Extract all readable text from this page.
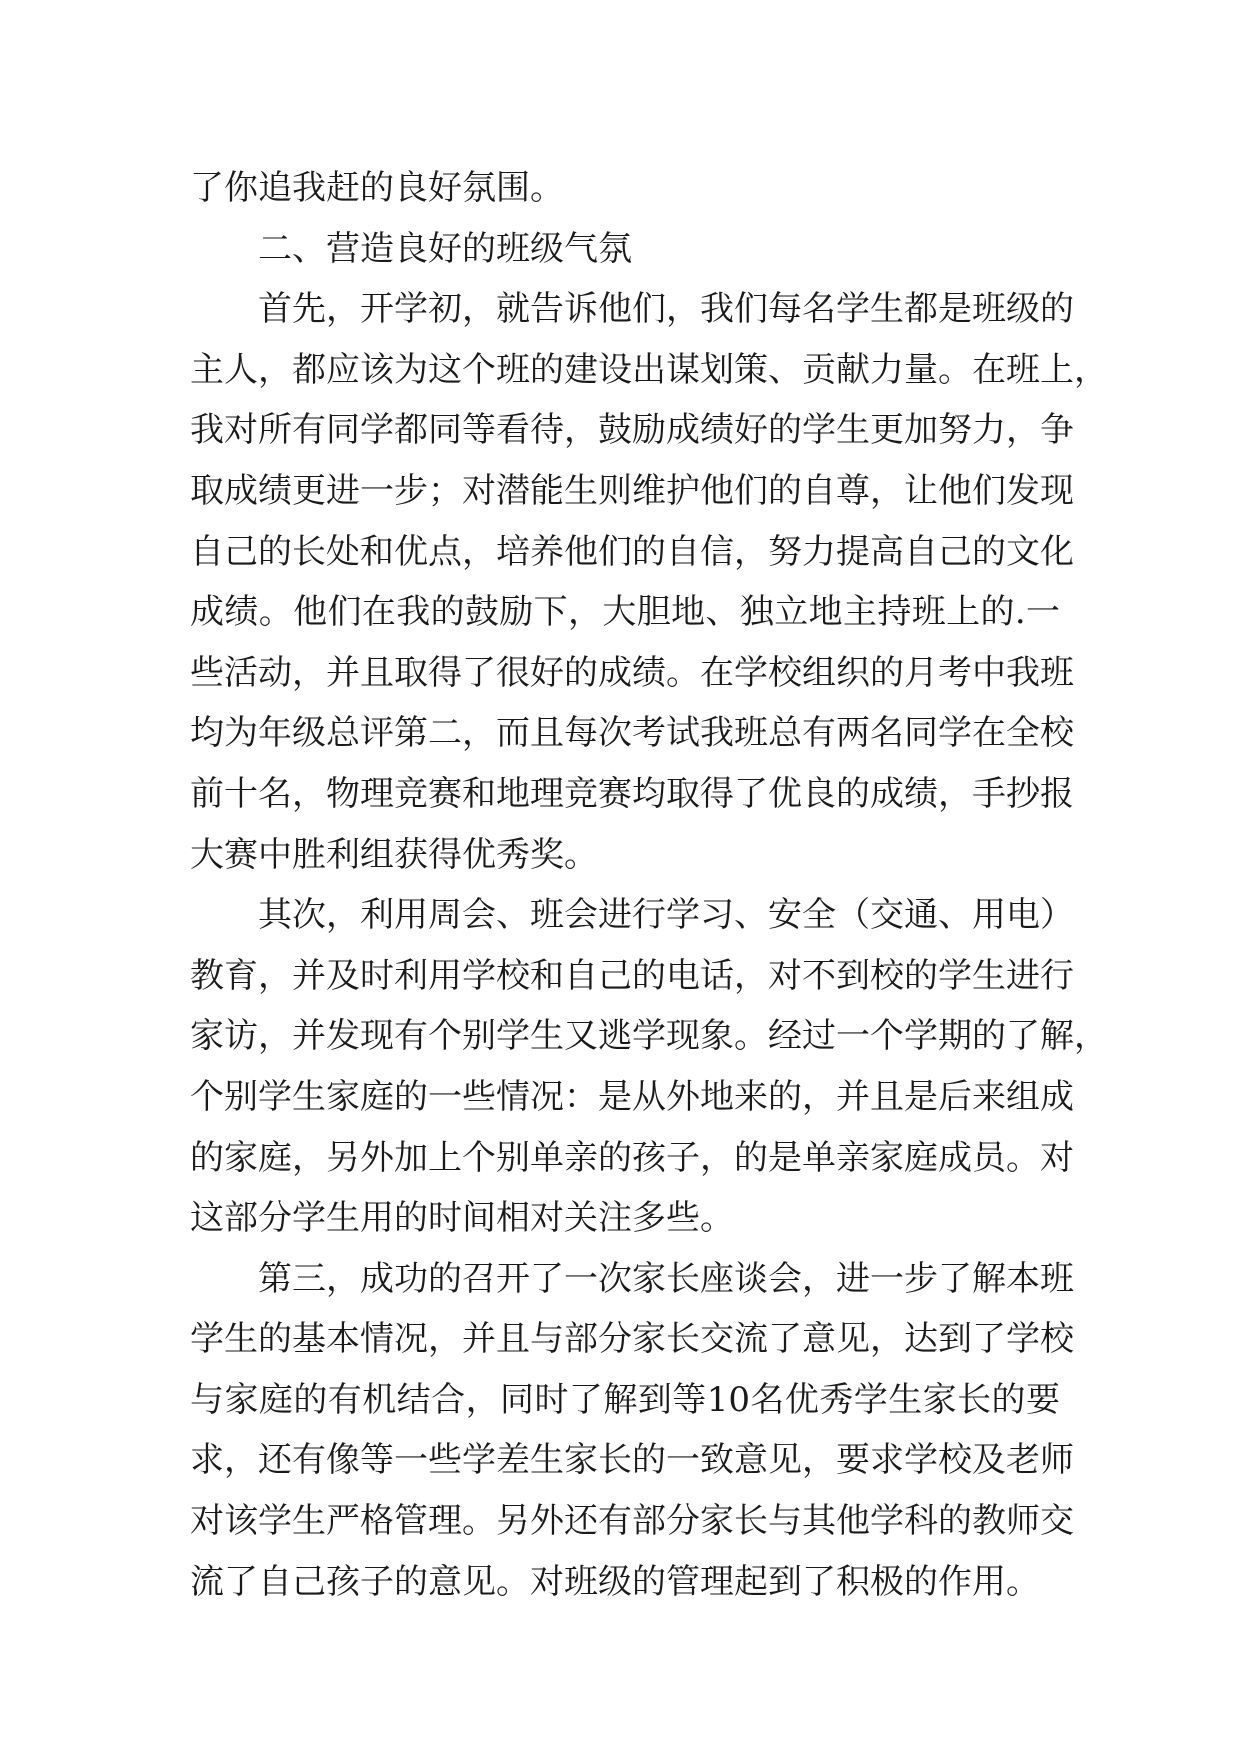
了你追我赶的良好氛围。
二、营造良好的班级气氛
首先，开学初，就告诉他们，我们每名学生都是班级的
主人，都应该为这个班的建设出谋划策、贡献力量。在班上，
我对所有同学都同等看待，鼓励成绩好的学生更加努力，争
取成绩更进一步；对潜能生则维护他们的自尊，让他们发现
自己的长处和优点，培养他们的自信，努力提高自己的文化
成绩。他们在我的鼓励下，大胆地、独立地主持班上的.一
些活动，并且取得了很好的成绩。在学校组织的月考中我班
均为年级总评第二，而且每次考试我班总有两名同学在全校
前十名，物理竞赛和地理竞赛均取得了优良的成绩，手抄报
大赛中胜利组获得优秀奖。
其次，利用周会、班会进行学习、安全（交通、用电）
教育，并及时利用学校和自己的电话，对不到校的学生进行
家访，并发现有个别学生又逃学现象。经过一个学期的了解，
个别学生家庭的一些情况：是从外地来的，并且是后来组成
的家庭，另外加上个别单亲的孩子，的是单亲家庭成员。对
这部分学生用的时间相对关注多些。
第三，成功的召开了一次家长座谈会，进一步了解本班
学生的基本情况，并且与部分家长交流了意见，达到了学校
与家庭的有机结合，同时了解到等10名优秀学生家长的要
求，还有像等一些学差生家长的一致意见，要求学校及老师
对该学生严格管理。另外还有部分家长与其他学科的教师交
流了自己孩子的意见。对班级的管理起到了积极的作用。
